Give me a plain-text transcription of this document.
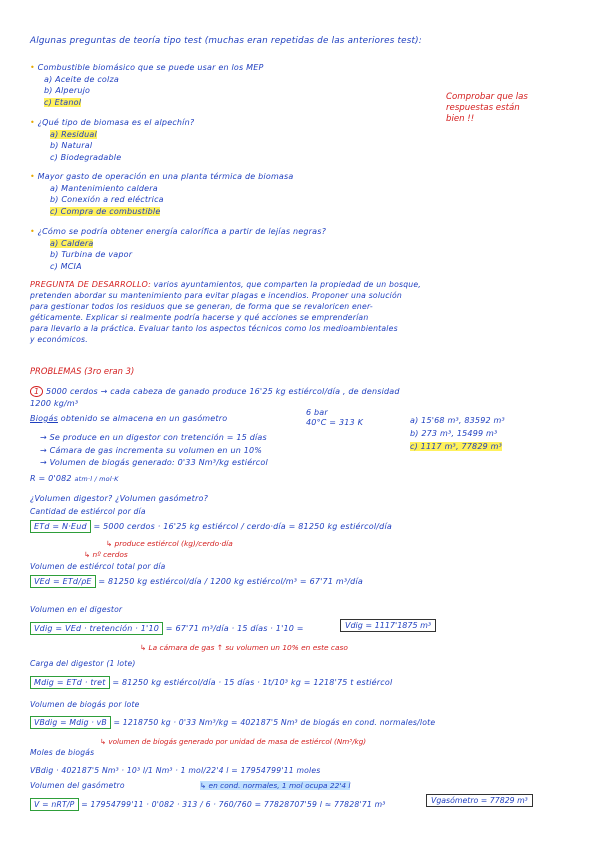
Algunas preguntas de teoría tipo test (muchas eran repetidas de las anteriores test):
Comprobar que las
respuestas están
bien !!
• Combustible biomásico que se puede usar en los MEP
a) Aceite de colza
b) Alperujo
c) Etanol
• ¿Qué tipo de biomasa es el alpechín?
a) Residual
b) Natural
c) Biodegradable
• Mayor gasto de operación en una planta térmica de biomasa
a) Mantenimiento caldera
b) Conexión a red eléctrica
c) Compra de combustible
• ¿Cómo se podría obtener energía calorífica a partir de lejías negras?
a) Caldera
b) Turbina de vapor
c) MCIA
PREGUNTA DE DESARROLLO: varios ayuntamientos, que comparten la propiedad de un bosque,
pretenden abordar su mantenimiento para evitar plagas e incendios. Proponer una solución
para gestionar todos los residuos que se generan, de forma que se revaloricen ener-
géticamente. Explicar si realmente podría hacerse y qué acciones se emprenderían
para llevarlo a la práctica. Evaluar tanto los aspectos técnicos como los medioambientales
y económicos.
PROBLEMAS (3ro eran 3)
1 5000 cerdos → cada cabeza de ganado produce 16'25 kg estiércol/día , de densidad
1200 kg/m³
Biogás obtenido se almacena en un gasómetro
6 bar
40°C = 313 K
→ Se produce en un digestor con tretención = 15 días
→ Cámara de gas incrementa su volumen en un 10%
→ Volumen de biogás generado: 0'33 Nm³/kg estiércol
a) 15'68 m³, 83592 m³
b) 273 m³, 15499 m³
c) 1117 m³, 77829 m³
R = 0'082 atm·l / mol·K
¿Volumen digestor? ¿Volumen gasómetro?
Cantidad de estiércol por día
ETd = N·Eud = 5000 cerdos · 16'25 kg estiércol / cerdo·día = 81250 kg estiércol/día
↳ produce estiércol (kg)/cerdo·día
↳ nº cerdos
Volumen de estiércol total por día
VEd = ETd/ρE = 81250 kg estiércol/día / 1200 kg estiércol/m³ = 67'71 m³/día
Volumen en el digestor
Vdig = VEd · tretención · 1'10 = 67'71 m³/día · 15 días · 1'10 =	Vdig = 1117'1875 m³
↳ La cámara de gas ↑ su volumen un 10% en este caso
Carga del digestor (1 lote)
Mdig = ETd · tret = 81250 kg estiércol/día · 15 días · 1t/10³ kg = 1218'75 t estiércol
Volumen de biogás por lote
VBdig = Mdig · vB = 1218750 kg · 0'33 Nm³/kg = 402187'5 Nm³ de biogás en cond. normales/lote
↳ volumen de biogás generado por unidad de masa de estiércol (Nm³/kg)
Moles de biogás
VBdig · 402187'5 Nm³ · 10³ l/1 Nm³ · 1 mol/22'4 l = 17954799'11 moles
Volumen del gasómetro	↳ en cond. normales, 1 mol ocupa 22'4 l
V = nRT/P = 17954799'11 · 0'082 · 313 / 6 · 760/760 = 77828707'59 l ≈ 77828'71 m³	Vgasómetro = 77829 m³
